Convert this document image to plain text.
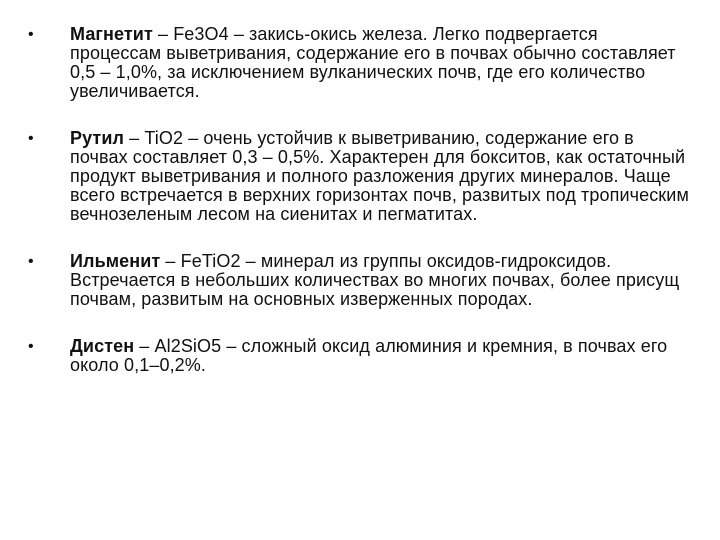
•	Магнетит – Fe3O4 – закись-окись железа. Легко подвергается процессам выветривания, содержание его в почвах обычно составляет 0,5 – 1,0%, за исключением вулканических почв, где его количество увеличивается.
•	Рутил – TiO2 – очень устойчив к выветриванию, содержание его в почвах составляет 0,3 – 0,5%. Характерен для бокситов, как остаточный продукт выветривания и полного разложения других минералов. Чаще всего встречается в верхних горизонтах почв, развитых под тропическим вечнозеленым лесом на сиенитах и пегматитах.
•	Ильменит – FeTiO2 – минерал из группы оксидов-гидроксидов. Встречается в небольших количествах во многих почвах, более присущ почвам, развитым на основных изверженных породах.
•	Дистен – Al2SiO5 – сложный оксид алюминия и кремния, в почвах его около 0,1–0,2%.
